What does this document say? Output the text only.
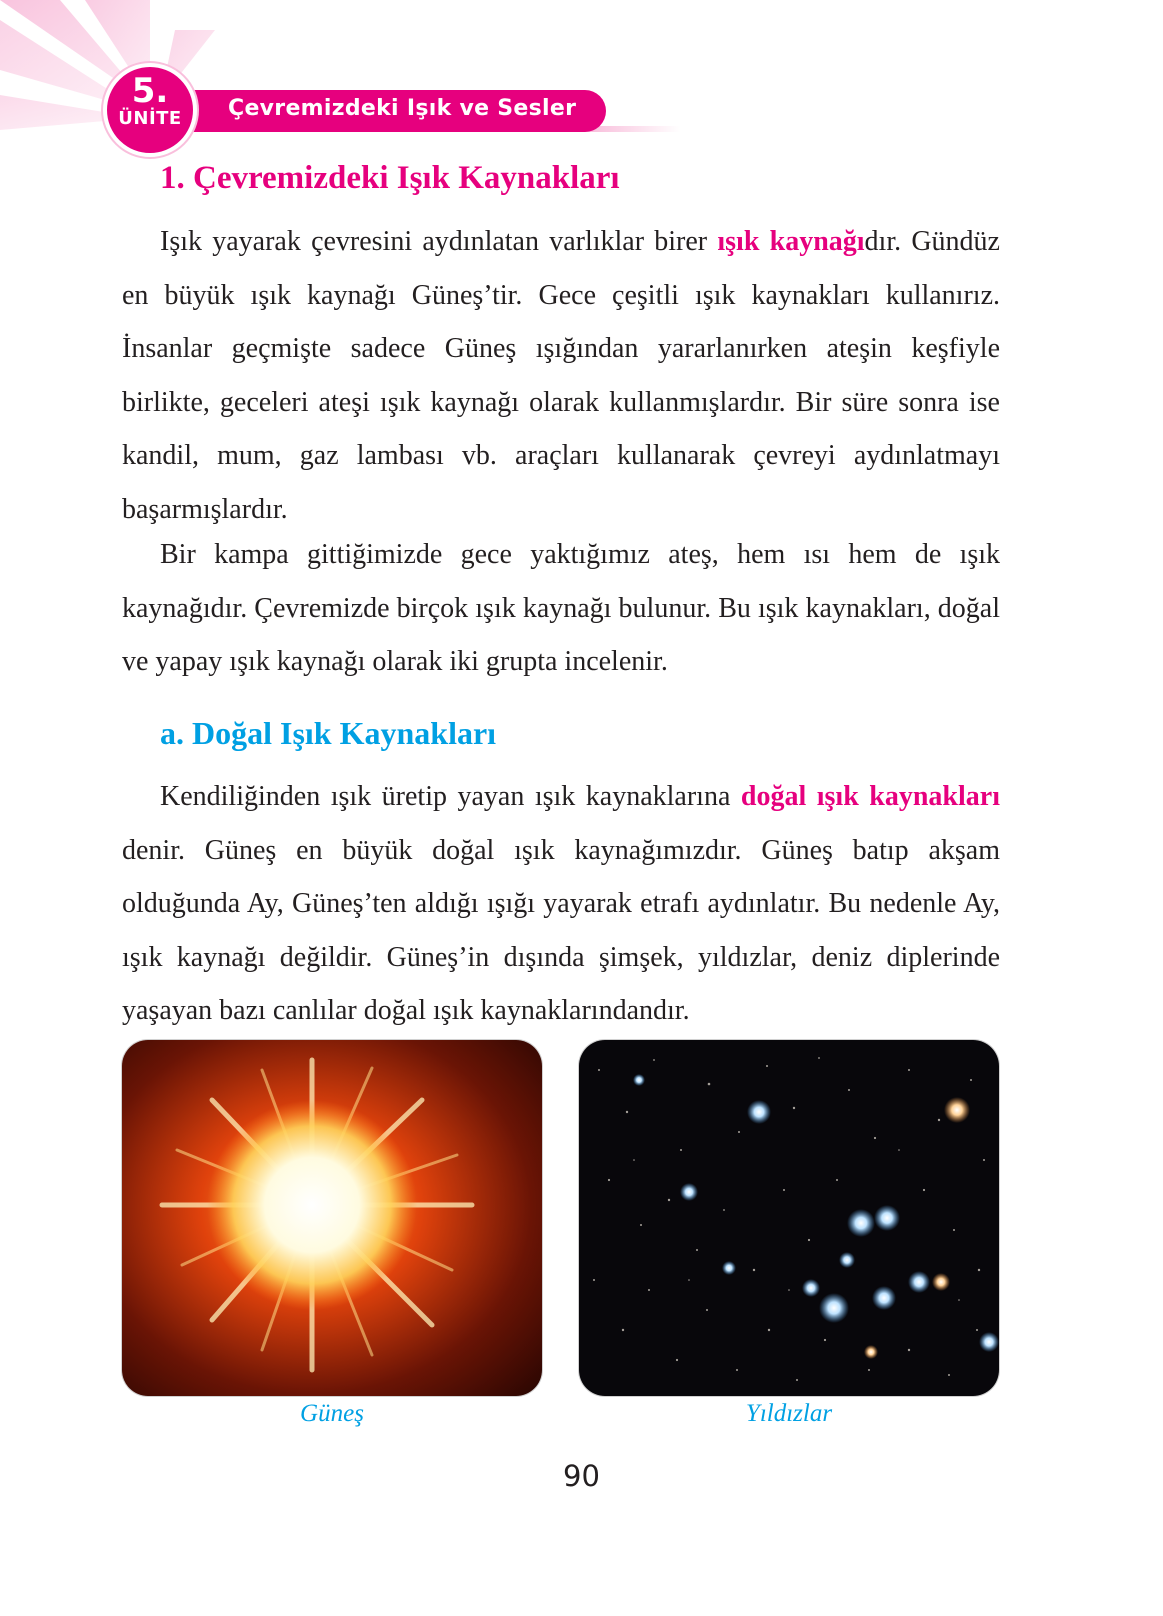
5.
ÜNİTE	Çevremizdeki Işık ve Sesler
1. Çevremizdeki Işık Kaynakları

Işık yayarak çevresini aydınlatan varlıklar birer ışık kaynağıdır. Gündüz en büyük ışık kaynağı Güneş’tir. Gece çeşitli ışık kaynakları kullanırız. İnsanlar geçmişte sadece Güneş ışığından yararlanırken ateşin keşfiyle birlikte, geceleri ateşi ışık kaynağı olarak kullanmışlardır. Bir süre sonra ise kandil, mum, gaz lambası vb. araçları kullanarak çevreyi aydınlatmayı başarmışlardır.

Bir kampa gittiğimizde gece yaktığımız ateş, hem ısı hem de ışık kaynağıdır. Çevremizde birçok ışık kaynağı bulunur. Bu ışık kaynakları, doğal ve yapay ışık kaynağı olarak iki grupta incelenir.

a. Doğal Işık Kaynakları

Kendiliğinden ışık üretip yayan ışık kaynaklarına doğal ışık kaynakları denir. Güneş en büyük doğal ışık kaynağımızdır. Güneş batıp akşam olduğunda Ay, Güneş’ten aldığı ışığı yayarak etrafı aydınlatır. Bu nedenle Ay, ışık kaynağı değildir. Güneş’in dışında şimşek, yıldızlar, deniz diplerinde yaşayan bazı canlılar doğal ışık kaynaklarındandır.

Güneş	Yıldızlar

90
